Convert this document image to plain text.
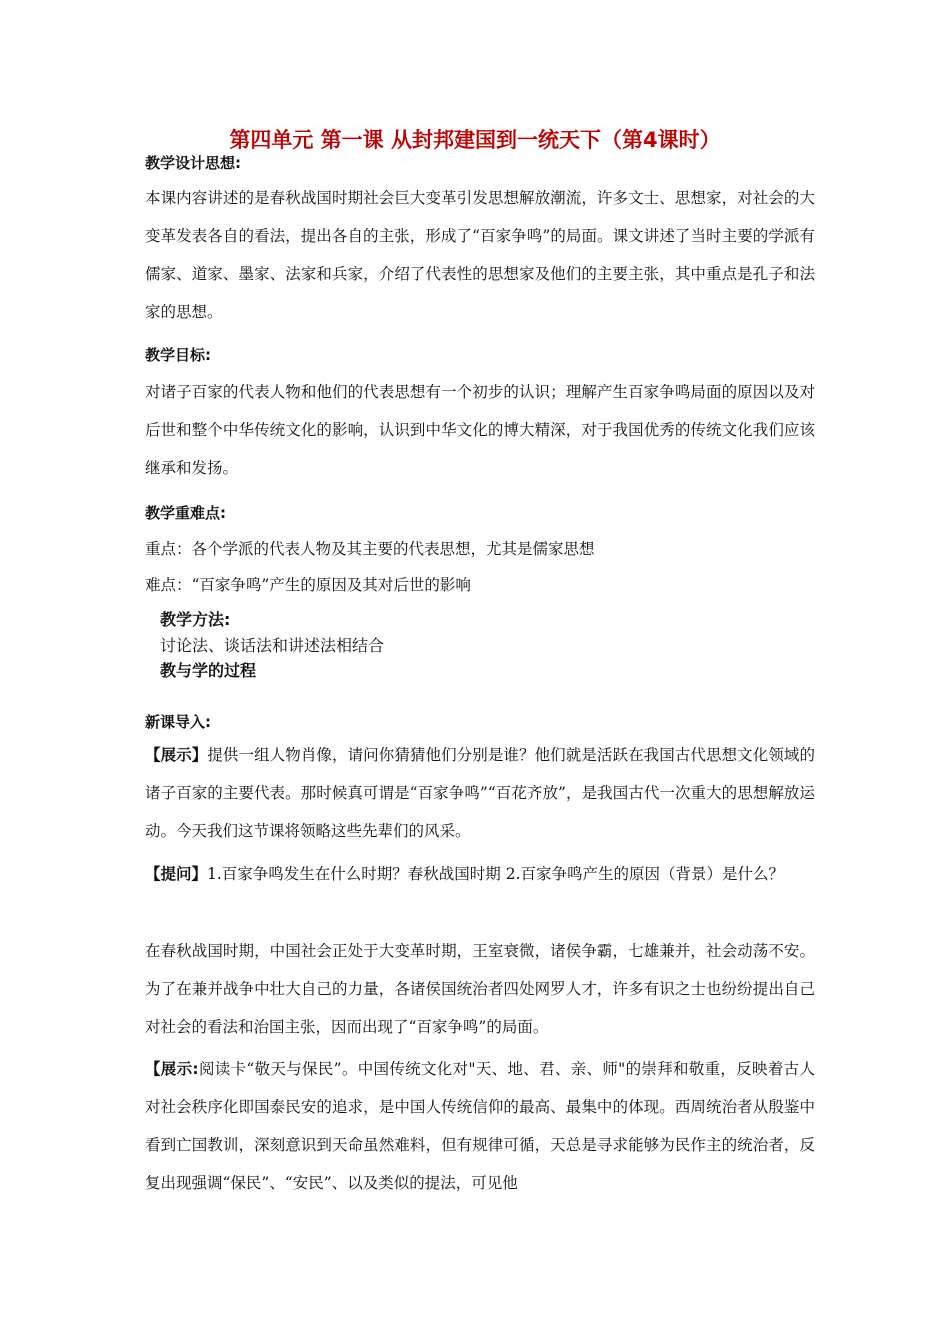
第四单元 第一课 从封邦建国到一统天下（第4课时）
教学设计思想:
本课内容讲述的是春秋战国时期社会巨大变革引发思想解放潮流，许多文士、思想家，对社会的大变革发表各自的看法，提出各自的主张，形成了“百家争鸣”的局面。课文讲述了当时主要的学派有儒家、道家、墨家、法家和兵家，介绍了代表性的思想家及他们的主要主张，其中重点是孔子和法家的思想。
教学目标:
对诸子百家的代表人物和他们的代表思想有一个初步的认识；理解产生百家争鸣局面的原因以及对后世和整个中华传统文化的影响，认识到中华文化的博大精深，对于我国优秀的传统文化我们应该继承和发扬。
教学重难点:
重点：各个学派的代表人物及其主要的代表思想，尤其是儒家思想
难点：“百家争鸣”产生的原因及其对后世的影响
教学方法:
讨论法、谈话法和讲述法相结合
教与学的过程
新课导入:
【展示】提供一组人物肖像，请问你猜猜他们分别是谁？他们就是活跃在我国古代思想文化领域的诸子百家的主要代表。那时候真可谓是“百家争鸣”“百花齐放”，是我国古代一次重大的思想解放运动。今天我们这节课将领略这些先辈们的风采。
【提问】1.百家争鸣发生在什么时期？春秋战国时期 2.百家争鸣产生的原因（背景）是什么？
在春秋战国时期，中国社会正处于大变革时期，王室衰微，诸侯争霸，七雄兼并，社会动荡不安。为了在兼并战争中壮大自己的力量，各诸侯国统治者四处网罗人才，许多有识之士也纷纷提出自己对社会的看法和治国主张，因而出现了“百家争鸣”的局面。
【展示:阅读卡“敬天与保民”。中国传统文化对"天、地、君、亲、师"的崇拜和敬重，反映着古人对社会秩序化即国泰民安的追求，是中国人传统信仰的最高、最集中的体现。西周统治者从殷鉴中看到亡国教训，深刻意识到天命虽然难料，但有规律可循，天总是寻求能够为民作主的统治者，反复出现强调“保民”、“安民”、以及类似的提法，可见他
